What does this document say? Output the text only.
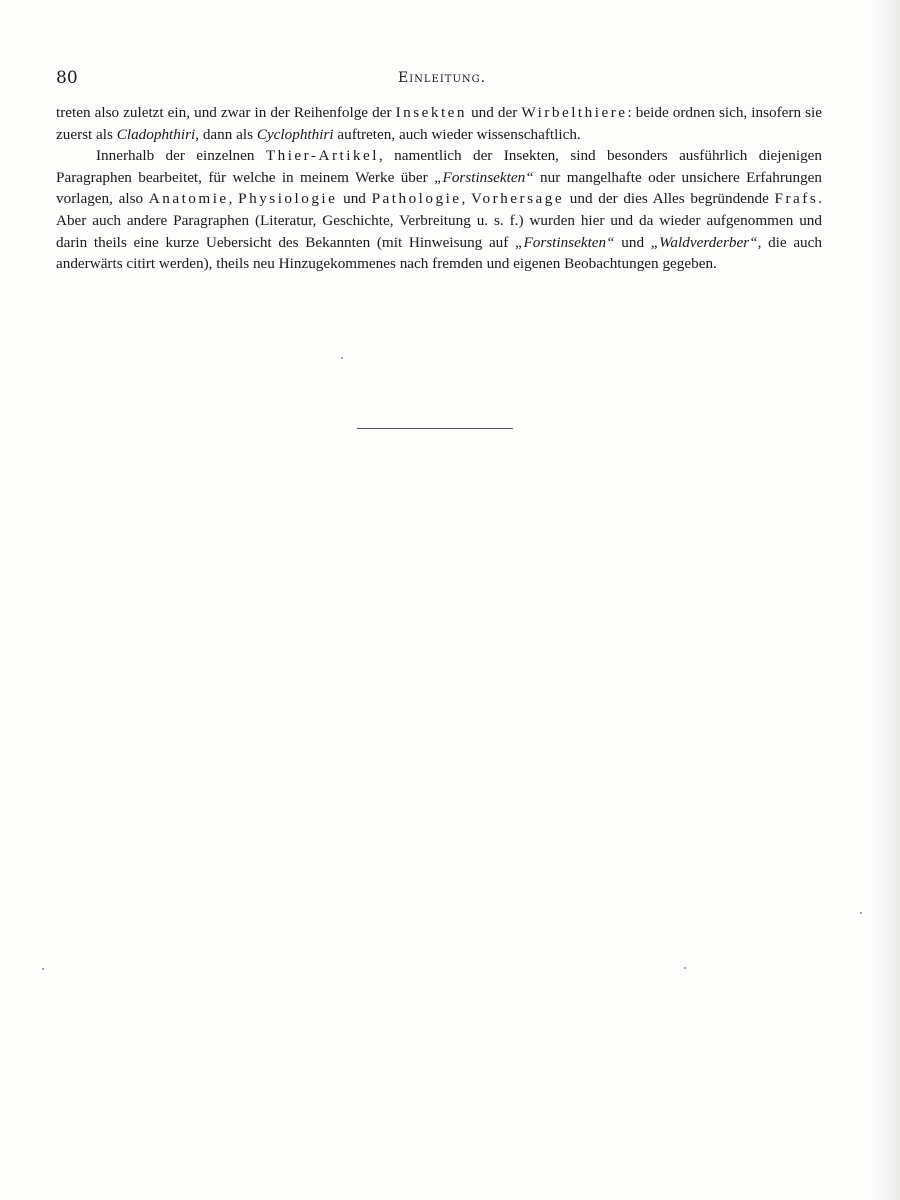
80	Einleitung.

treten also zuletzt ein, und zwar in der Reihenfolge der Insekten und der Wirbelthiere: beide ordnen sich, insofern sie zuerst als Cladophthiri, dann als Cyclophthiri auftreten, auch wieder wissenschaftlich.

Innerhalb der einzelnen Thier-Artikel, namentlich der Insekten, sind besonders ausführlich diejenigen Paragraphen bearbeitet, für welche in meinem Werke über „Forstinsekten“ nur mangelhafte oder unsichere Erfahrungen vorlagen, also Anatomie, Physiologie und Pathologie, Vorhersage und der dies Alles begründende Frafs. Aber auch andere Paragraphen (Literatur, Geschichte, Verbreitung u. s. f.) wurden hier und da wieder aufgenommen und darin theils eine kurze Uebersicht des Bekannten (mit Hinweisung auf „Forstinsekten“ und „Waldverderber“, die auch anderwärts citirt werden), theils neu Hinzugekommenes nach fremden und eigenen Beobachtungen gegeben.
